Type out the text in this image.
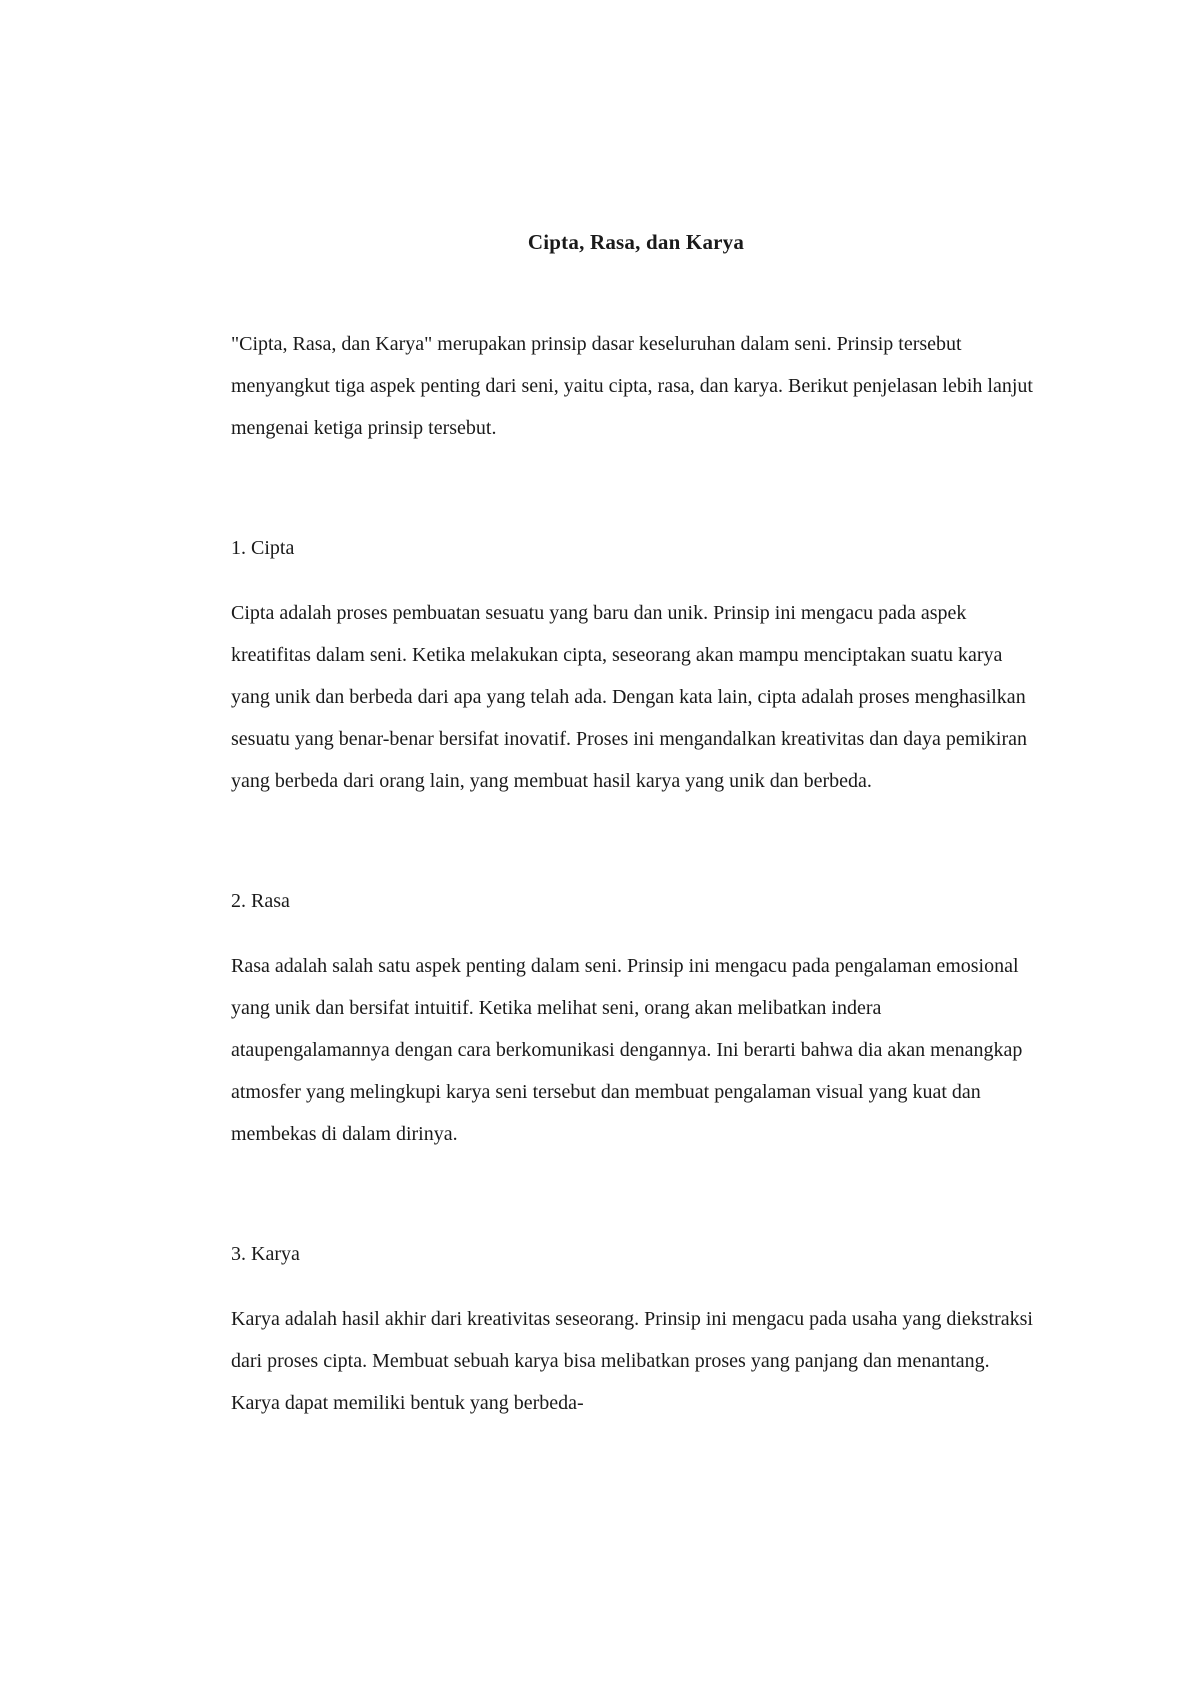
Cipta, Rasa, dan Karya

"Cipta, Rasa, dan Karya" merupakan prinsip dasar keseluruhan dalam seni. Prinsip tersebut menyangkut tiga aspek penting dari seni, yaitu cipta, rasa, dan karya. Berikut penjelasan lebih lanjut mengenai ketiga prinsip tersebut.

1. Cipta

Cipta adalah proses pembuatan sesuatu yang baru dan unik. Prinsip ini mengacu pada aspek kreatifitas dalam seni. Ketika melakukan cipta, seseorang akan mampu menciptakan suatu karya yang unik dan berbeda dari apa yang telah ada. Dengan kata lain, cipta adalah proses menghasilkan sesuatu yang benar-benar bersifat inovatif. Proses ini mengandalkan kreativitas dan daya pemikiran yang berbeda dari orang lain, yang membuat hasil karya yang unik dan berbeda.

2. Rasa

Rasa adalah salah satu aspek penting dalam seni. Prinsip ini mengacu pada pengalaman emosional yang unik dan bersifat intuitif. Ketika melihat seni, orang akan melibatkan indera ataupengalamannya dengan cara berkomunikasi dengannya. Ini berarti bahwa dia akan menangkap atmosfer yang melingkupi karya seni tersebut dan membuat pengalaman visual yang kuat dan membekas di dalam dirinya.

3. Karya

Karya adalah hasil akhir dari kreativitas seseorang. Prinsip ini mengacu pada usaha yang diekstraksi dari proses cipta. Membuat sebuah karya bisa melibatkan proses yang panjang dan menantang. Karya dapat memiliki bentuk yang berbeda-
